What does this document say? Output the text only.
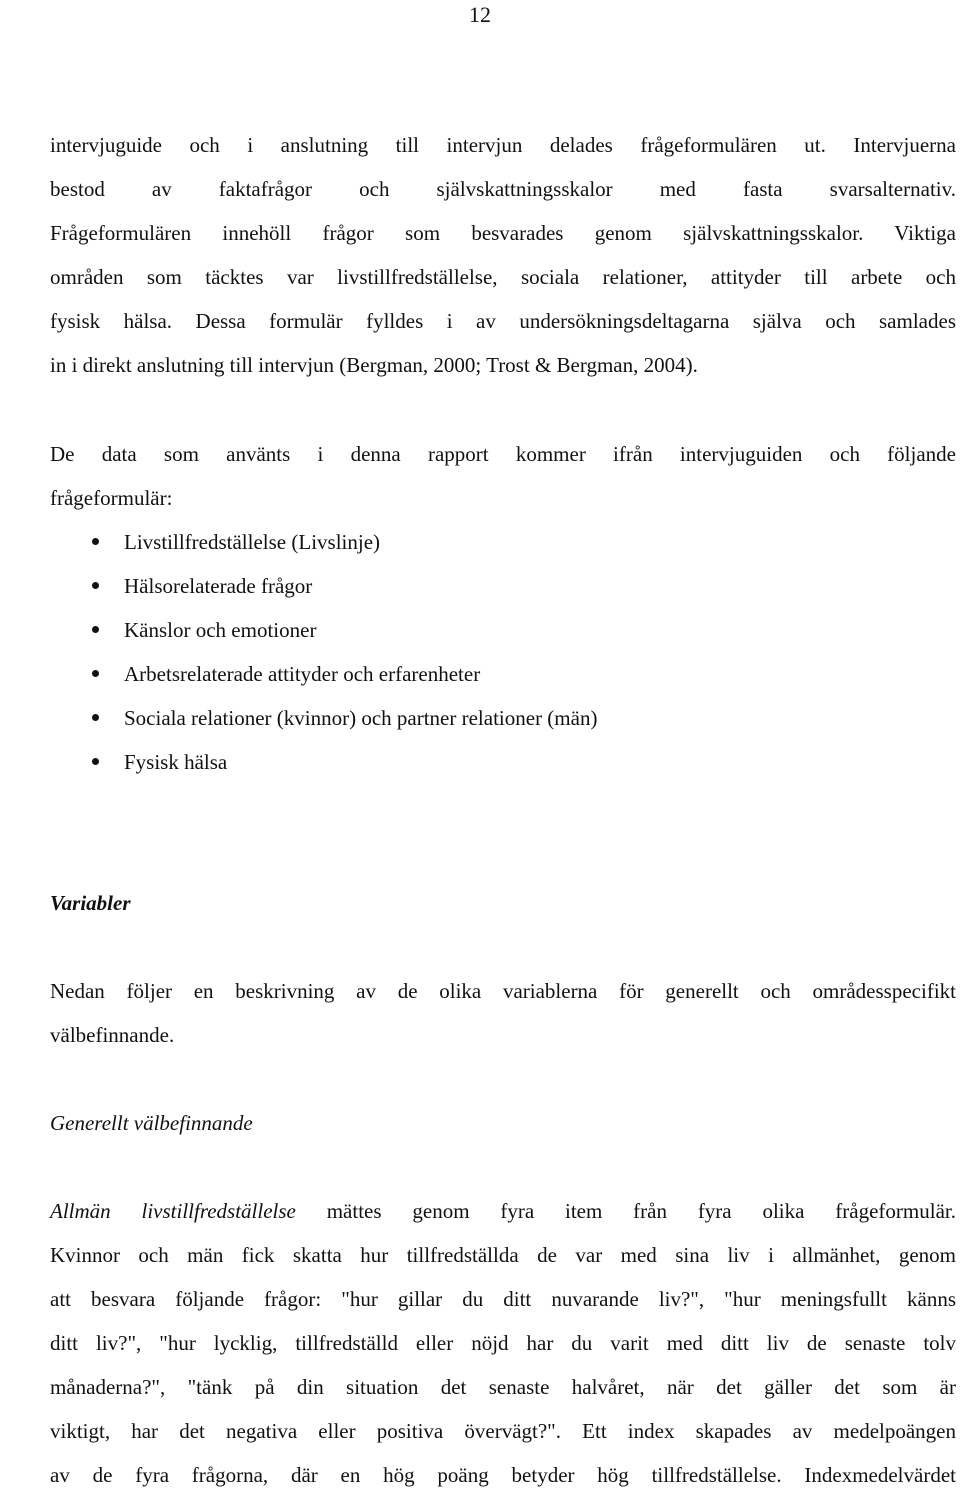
12
intervjuguide och i anslutning till intervjun delades frågeformulären ut. Intervjuerna
bestod av faktafrågor och självskattningsskalor med fasta svarsalternativ.
Frågeformulären innehöll frågor som besvarades genom självskattningsskalor. Viktiga
områden som täcktes var livstillfredställelse, sociala relationer, attityder till arbete och
fysisk hälsa. Dessa formulär fylldes i av undersökningsdeltagarna själva och samlades
in i direkt anslutning till intervjun (Bergman, 2000; Trost & Bergman, 2004).
De data som använts i denna rapport kommer ifrån intervjuguiden och följande
frågeformulär:
Livstillfredställelse (Livslinje)
Hälsorelaterade frågor
Känslor och emotioner
Arbetsrelaterade attityder och erfarenheter
Sociala relationer (kvinnor) och partner relationer (män)
Fysisk hälsa
Variabler
Nedan följer en beskrivning av de olika variablerna för generellt och områdesspecifikt
välbefinnande.
Generellt välbefinnande
Allmän livstillfredställelse mättes genom fyra item från fyra olika frågeformulär.
Kvinnor och män fick skatta hur tillfredställda de var med sina liv i allmänhet, genom
att besvara följande frågor: "hur gillar du ditt nuvarande liv?", "hur meningsfullt känns
ditt liv?", "hur lycklig, tillfredställd eller nöjd har du varit med ditt liv de senaste tolv
månaderna?", "tänk på din situation det senaste halvåret, när det gäller det som är
viktigt, har det negativa eller positiva övervägt?". Ett index skapades av medelpoängen
av de fyra frågorna, där en hög poäng betyder hög tillfredställelse. Indexmedelvärdet
